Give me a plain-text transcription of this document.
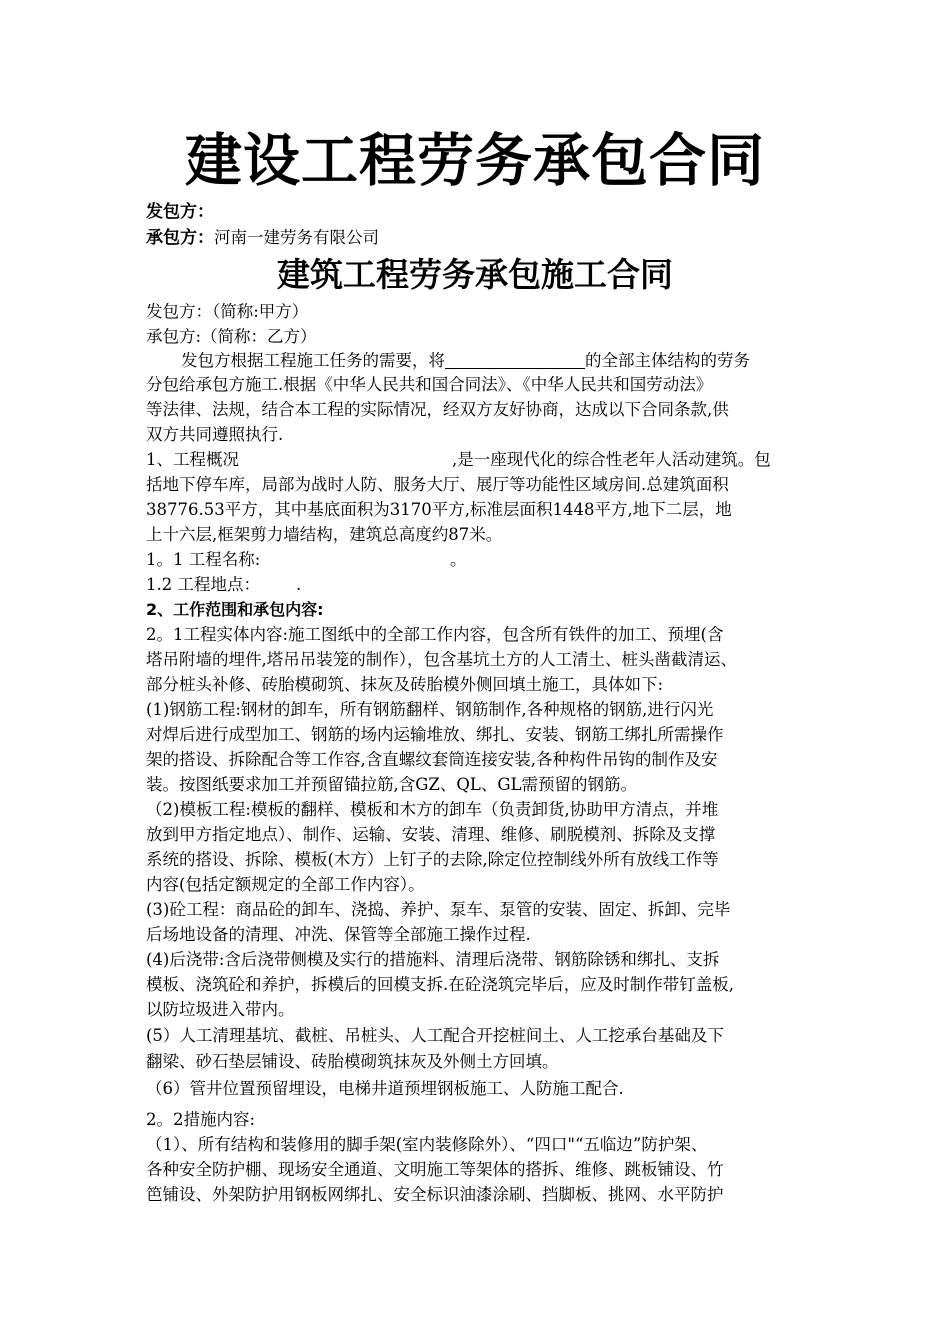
建设工程劳务承包合同
发包方：
承包方：河南一建劳务有限公司
建筑工程劳务承包施工合同
发包方：（简称:甲方）
承包方:（简称：乙方）
发包方根据工程施工任务的需要，将	的全部主体结构的劳务
分包给承包方施工.根据《中华人民共和国合同法》、《中华人民共和国劳动法》
等法律、法规，结合本工程的实际情况，经双方友好协商，达成以下合同条款,供
双方共同遵照执行.
1、工程概况	,是一座现代化的综合性老年人活动建筑。包
括地下停车库，局部为战时人防、服务大厅、展厅等功能性区域房间.总建筑面积
38776.53平方，其中基底面积为3170平方,标准层面积1448平方,地下二层，地
上十六层,框架剪力墙结构，建筑总高度约87米。
1。1 工程名称:	。
1.2 工程地点： .
2、工作范围和承包内容:
2。1工程实体内容:施工图纸中的全部工作内容，包含所有铁件的加工、预埋(含
塔吊附墙的埋件,塔吊吊装笼的制作），包含基坑土方的人工清土、桩头凿截清运、
部分桩头补修、砖胎模砌筑、抹灰及砖胎模外侧回填土施工，具体如下:
(1)钢筋工程:钢材的卸车，所有钢筋翻样、钢筋制作,各种规格的钢筋,进行闪光
对焊后进行成型加工、钢筋的场内运输堆放、绑扎、安装、钢筋工绑扎所需操作
架的搭设、拆除配合等工作容,含直螺纹套筒连接安装,各种构件吊钩的制作及安
装。按图纸要求加工并预留锚拉筋,含GZ、QL、GL需预留的钢筋。
（2)模板工程:模板的翻样、模板和木方的卸车（负责卸货,协助甲方清点，并堆
放到甲方指定地点）、制作、运输、安装、清理、维修、刷脱模剂、拆除及支撑
系统的搭设、拆除、模板(木方）上钉子的去除,除定位控制线外所有放线工作等
内容(包括定额规定的全部工作内容）。
(3)砼工程：商品砼的卸车、浇捣、养护、泵车、泵管的安装、固定、拆卸、完毕
后场地设备的清理、冲洗、保管等全部施工操作过程.
(4)后浇带:含后浇带侧模及实行的措施料、清理后浇带、钢筋除锈和绑扎、支拆
模板、浇筑砼和养护，拆模后的回模支拆.在砼浇筑完毕后，应及时制作带钉盖板,
以防垃圾进入带内。
(5）人工清理基坑、截桩、吊桩头、人工配合开挖桩间土、人工挖承台基础及下
翻梁、砂石垫层铺设、砖胎模砌筑抹灰及外侧土方回填。
（6）管井位置预留埋设，电梯井道预埋钢板施工、人防施工配合.
2。2措施内容:
（1）、所有结构和装修用的脚手架(室内装修除外）、“四口"“五临边”防护架、
各种安全防护棚、现场安全通道、文明施工等架体的搭拆、维修、跳板铺设、竹
笆铺设、外架防护用钢板网绑扎、安全标识油漆涂刷、挡脚板、挑网、水平防护
